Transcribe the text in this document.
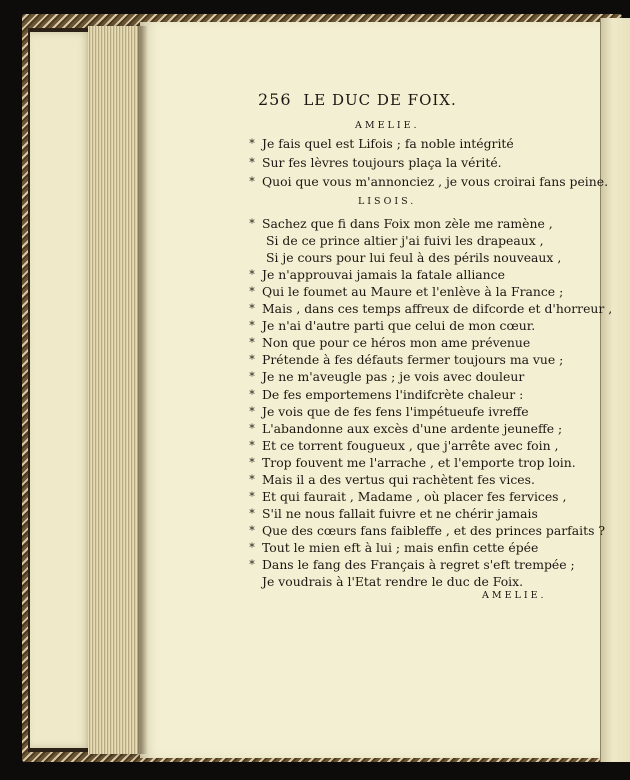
256 LE DUC DE FOIX.
AMELIE.
* Je fais quel est Lifois ; fa noble intégrité
* Sur fes lèvres toujours plaça la vérité.
* Quoi que vous m'annonciez , je vous croirai fans peine.
LISOIS.
* Sachez que fi dans Foix mon zèle me ramène ,
Si de ce prince altier j'ai fuivi les drapeaux ,
Si je cours pour lui feul à des périls nouveaux ,
* Je n'approuvai jamais la fatale alliance
* Qui le foumet au Maure et l'enlève à la France ;
* Mais , dans ces temps affreux de difcorde et d'horreur ,
* Je n'ai d'autre parti que celui de mon cœur.
* Non que pour ce héros mon ame prévenue
* Prétende à fes défauts fermer toujours ma vue ;
* Je ne m'aveugle pas ; je vois avec douleur
* De fes emportemens l'indifcrète chaleur :
* Je vois que de fes fens l'impétueufe ivreffe
* L'abandonne aux excès d'une ardente jeuneffe ;
* Et ce torrent fougueux , que j'arrête avec foin ,
* Trop fouvent me l'arrache , et l'emporte trop loin.
* Mais il a des vertus qui rachètent fes vices.
* Et qui faurait , Madame , où placer fes fervices ,
* S'il ne nous fallait fuivre et ne chérir jamais
* Que des cœurs fans faibleffe , et des princes parfaits ?
* Tout le mien eft à lui ; mais enfin cette épée
* Dans le fang des Français à regret s'eft trempée ;
Je voudrais à l'Etat rendre le duc de Foix.
AMELIE.
